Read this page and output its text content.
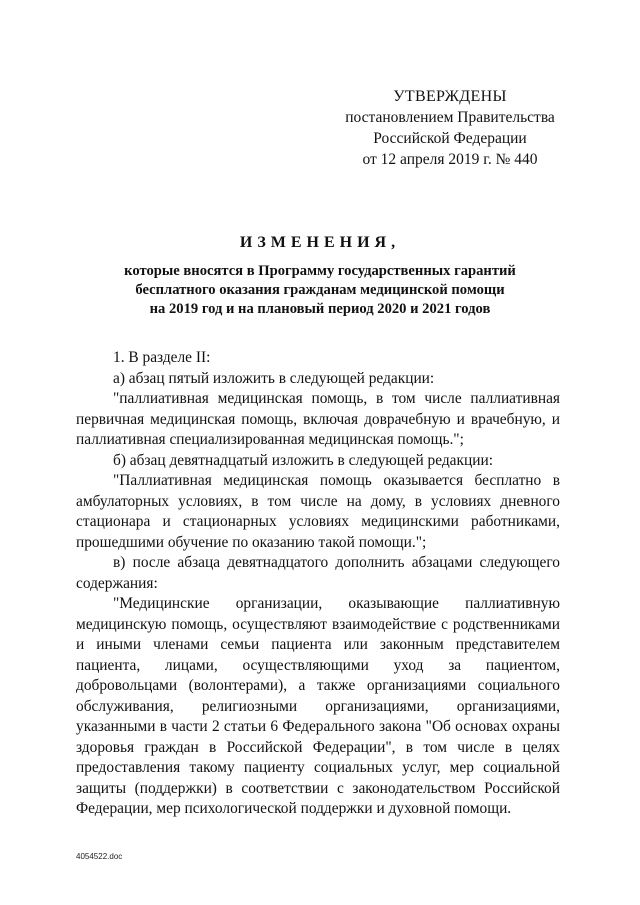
УТВЕРЖДЕНЫ
постановлением Правительства
Российской Федерации
от 12 апреля 2019 г. № 440
ИЗМЕНЕНИЯ,
которые вносятся в Программу государственных гарантий
бесплатного оказания гражданам медицинской помощи
на 2019 год и на плановый период 2020 и 2021 годов

1. В разделе II:

а) абзац пятый изложить в следующей редакции:

"паллиативная медицинская помощь, в том числе паллиативная первичная медицинская помощь, включая доврачебную и врачебную, и паллиативная специализированная медицинская помощь.";

б) абзац девятнадцатый изложить в следующей редакции:

"Паллиативная медицинская помощь оказывается бесплатно в амбулаторных условиях, в том числе на дому, в условиях дневного стационара и стационарных условиях медицинскими работниками, прошедшими обучение по оказанию такой помощи.";

в) после абзаца девятнадцатого дополнить абзацами следующего содержания:

"Медицинские организации, оказывающие паллиативную медицинскую помощь, осуществляют взаимодействие с родственниками и иными членами семьи пациента или законным представителем пациента, лицами, осуществляющими уход за пациентом, добровольцами (волонтерами), а также организациями социального обслуживания, религиозными организациями, организациями, указанными в части 2 статьи 6 Федерального закона "Об основах охраны здоровья граждан в Российской Федерации", в том числе в целях предоставления такому пациенту социальных услуг, мер социальной защиты (поддержки) в соответствии с законодательством Российской Федерации, мер психологической поддержки и духовной помощи.

4054522.doc
